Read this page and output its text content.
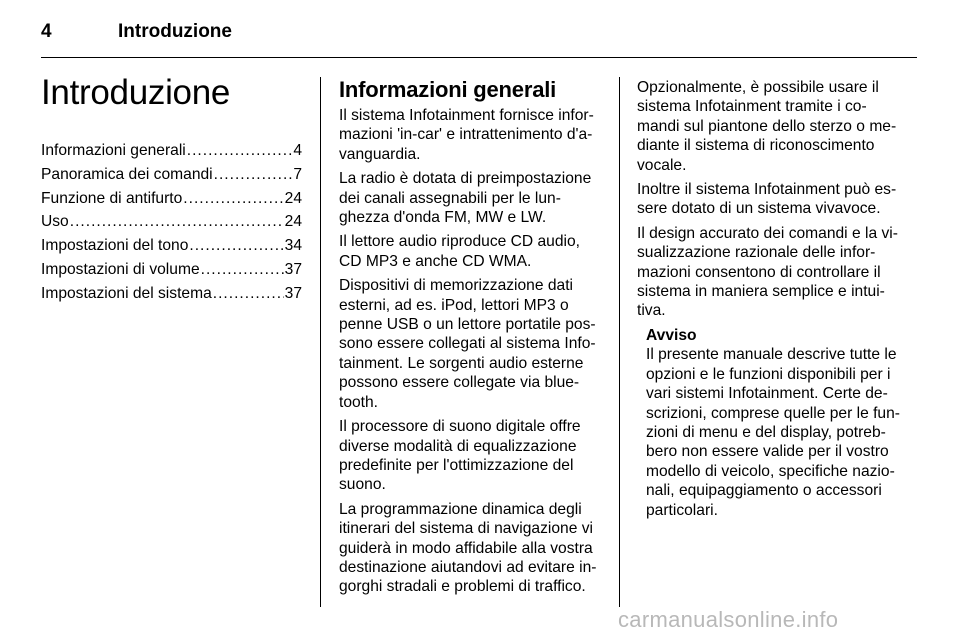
4	Introduzione
Introduzione
Informazioni generali .....	4
Panoramica dei comandi .....	7
Funzione di antifurto .....	24
Uso .....	24
Impostazioni del tono .....	34
Impostazioni di volume .....	37
Impostazioni del sistema .....	37
Informazioni generali

Il sistema Infotainment fornisce infor-
mazioni 'in-car' e intrattenimento d'a-
vanguardia.

La radio è dotata di preimpostazione
dei canali assegnabili per le lun-
ghezza d'onda FM, MW e LW.

Il lettore audio riproduce CD audio,
CD MP3 e anche CD WMA.

Dispositivi di memorizzazione dati
esterni, ad es. iPod, lettori MP3 o
penne USB o un lettore portatile pos-
sono essere collegati al sistema Info-
tainment. Le sorgenti audio esterne
possono essere collegate via blue-
tooth.

Il processore di suono digitale offre
diverse modalità di equalizzazione
predefinite per l'ottimizzazione del
suono.

La programmazione dinamica degli
itinerari del sistema di navigazione vi
guiderà in modo affidabile alla vostra
destinazione aiutandovi ad evitare in-
gorghi stradali e problemi di traffico.

Opzionalmente, è possibile usare il
sistema Infotainment tramite i co-
mandi sul piantone dello sterzo o me-
diante il sistema di riconoscimento
vocale.

Inoltre il sistema Infotainment può es-
sere dotato di un sistema vivavoce.

Il design accurato dei comandi e la vi-
sualizzazione razionale delle infor-
mazioni consentono di controllare il
sistema in maniera semplice e intui-
tiva.

Avviso

Il presente manuale descrive tutte le
opzioni e le funzioni disponibili per i
vari sistemi Infotainment. Certe de-
scrizioni, comprese quelle per le fun-
zioni di menu e del display, potreb-
bero non essere valide per il vostro
modello di veicolo, specifiche nazio-
nali, equipaggiamento o accessori
particolari.

carmanualsonline.info
